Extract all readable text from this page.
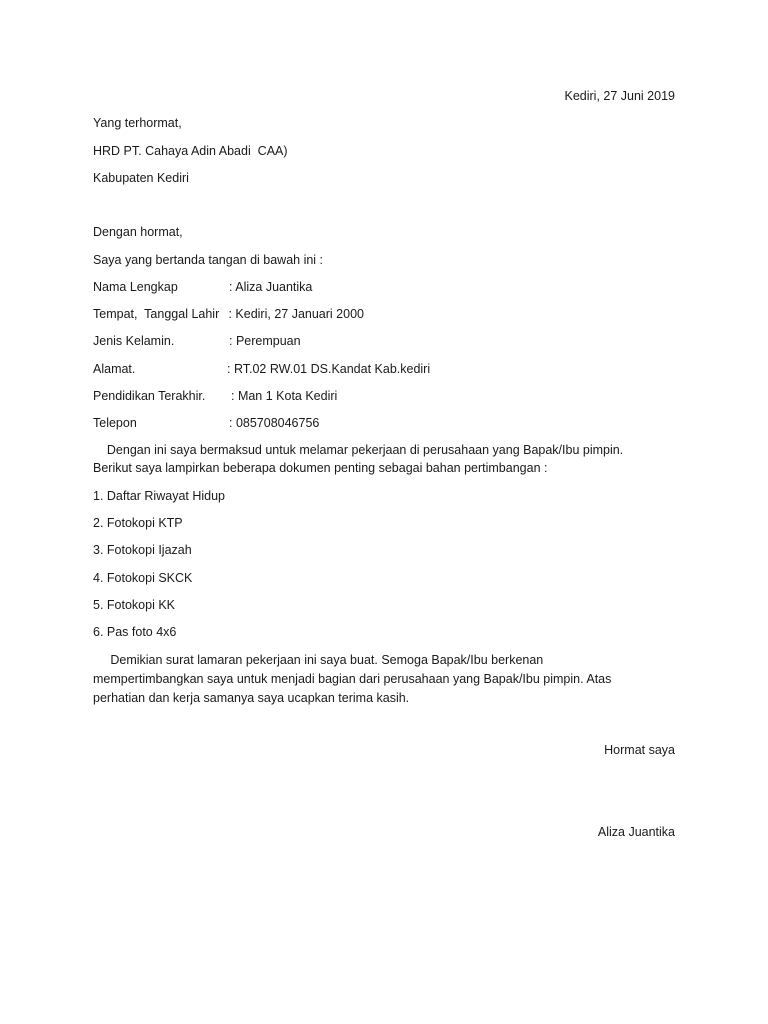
Kediri, 27 Juni 2019
Yang terhormat,
HRD PT. Cahaya Adin Abadi  CAA)
Kabupaten Kediri
Dengan hormat,
Saya yang bertanda tangan di bawah ini :
Nama Lengkap	: Aliza Juantika
Tempat,  Tanggal Lahir : Kediri, 27 Januari 2000
Jenis Kelamin.	: Perempuan
Alamat.	: RT.02 RW.01 DS.Kandat Kab.kediri
Pendidikan Terakhir. : Man 1 Kota Kediri
Telepon	: 085708046756
Dengan ini saya bermaksud untuk melamar pekerjaan di perusahaan yang Bapak/Ibu pimpin.
Berikut saya lampirkan beberapa dokumen penting sebagai bahan pertimbangan :
1. Daftar Riwayat Hidup
2. Fotokopi KTP
3. Fotokopi Ijazah
4. Fotokopi SKCK
5. Fotokopi KK
6. Pas foto 4x6
Demikian surat lamaran pekerjaan ini saya buat. Semoga Bapak/Ibu berkenan
mempertimbangkan saya untuk menjadi bagian dari perusahaan yang Bapak/Ibu pimpin. Atas
perhatian dan kerja samanya saya ucapkan terima kasih.
Hormat saya
Aliza Juantika
